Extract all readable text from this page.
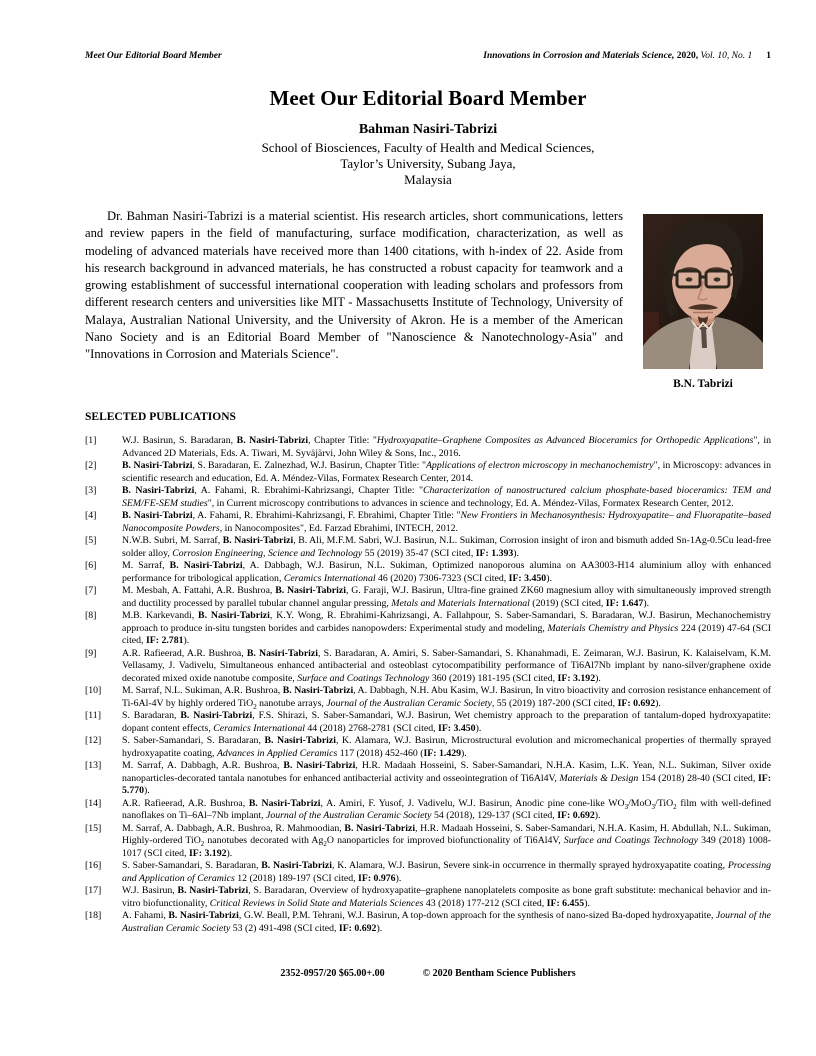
Meet Our Editorial Board Member	Innovations in Corrosion and Materials Science, 2020, Vol. 10, No. 1 1
Meet Our Editorial Board Member
Bahman Nasiri-Tabrizi
School of Biosciences, Faculty of Health and Medical Sciences,
Taylor’s University, Subang Jaya,
Malaysia
B.N. Tabrizi
Dr. Bahman Nasiri-Tabrizi is a material scientist. His research articles, short communications, letters and review papers in the field of manufacturing, surface modification, characterization, as well as modeling of advanced materials have received more than 1400 citations, with h-index of 22. Aside from his research background in advanced materials, he has constructed a robust capacity for teamwork and a growing establishment of successful international cooperation with leading scholars and professors from different research centers and universities like MIT - Massachusetts Institute of Technology, University of Malaya, Australian National University, and the University of Akron. He is a member of the American Nano Society and is an Editorial Board Member of "Nanoscience & Nanotechnology-Asia" and "Innovations in Corrosion and Materials Science".
SELECTED PUBLICATIONS
[1]	W.J. Basirun, S. Baradaran, B. Nasiri-Tabrizi, Chapter Title: "Hydroxyapatite–Graphene Composites as Advanced Bioceramics for Orthopedic Applications", in Advanced 2D Materials, Eds. A. Tiwari, M. Syväjärvi, John Wiley & Sons, Inc., 2016.
[2]	B. Nasiri-Tabrizi, S. Baradaran, E. Zalnezhad, W.J. Basirun, Chapter Title: "Applications of electron microscopy in mechanochemistry", in Microscopy: advances in scientific research and education, Ed. A. Méndez-Vilas, Formatex Research Center, 2014.
[3]	B. Nasiri-Tabrizi, A. Fahami, R. Ebrahimi-Kahrizsangi, Chapter Title: "Characterization of nanostructured calcium phosphate-based bioceramics: TEM and SEM/FE-SEM studies", in Current microscopy contributions to advances in science and technology, Ed. A. Méndez-Vilas, Formatex Research Center, 2012.
[4]	B. Nasiri-Tabrizi, A. Fahami, R. Ebrahimi-Kahrizsangi, F. Ebrahimi, Chapter Title: "New Frontiers in Mechanosynthesis: Hydroxyapatite– and Fluorapatite–based Nanocomposite Powders, in Nanocomposites", Ed. Farzad Ebrahimi, INTECH, 2012.
[5]	N.W.B. Subri, M. Sarraf, B. Nasiri-Tabrizi, B. Ali, M.F.M. Sabri, W.J. Basirun, N.L. Sukiman, Corrosion insight of iron and bismuth added Sn-1Ag-0.5Cu lead-free solder alloy, Corrosion Engineering, Science and Technology 55 (2019) 35-47 (SCI cited, IF: 1.393).
[6]	M. Sarraf, B. Nasiri-Tabrizi, A. Dabbagh, W.J. Basirun, N.L. Sukiman, Optimized nanoporous alumina on AA3003-H14 aluminium alloy with enhanced performance for tribological application, Ceramics International 46 (2020) 7306-7323 (SCI cited, IF: 3.450).
[7]	M. Mesbah, A. Fattahi, A.R. Bushroa, B. Nasiri-Tabrizi, G. Faraji, W.J. Basirun, Ultra-fine grained ZK60 magnesium alloy with simultaneously improved strength and ductility processed by parallel tubular channel angular pressing, Metals and Materials International (2019) (SCI cited, IF: 1.647).
[8]	M.B. Karkevandi, B. Nasiri-Tabrizi, K.Y. Wong, R. Ebrahimi-Kahrizsangi, A. Fallahpour, S. Saber-Samandari, S. Baradaran, W.J. Basirun, Mechanochemistry approach to produce in-situ tungsten borides and carbides nanopowders: Experimental study and modeling, Materials Chemistry and Physics 224 (2019) 47-64 (SCI cited, IF: 2.781).
[9]	A.R. Rafieerad, A.R. Bushroa, B. Nasiri-Tabrizi, S. Baradaran, A. Amiri, S. Saber-Samandari, S. Khanahmadi, E. Zeimaran, W.J. Basirun, K. Kalaiselvam, K.M. Vellasamy, J. Vadivelu, Simultaneous enhanced antibacterial and osteoblast cytocompatibility performance of Ti6Al7Nb implant by nano-silver/graphene oxide decorated mixed oxide nanotube composite, Surface and Coatings Technology 360 (2019) 181-195 (SCI cited, IF: 3.192).
[10]	M. Sarraf, N.L. Sukiman, A.R. Bushroa, B. Nasiri-Tabrizi, A. Dabbagh, N.H. Abu Kasim, W.J. Basirun, In vitro bioactivity and corrosion resistance enhancement of Ti-6Al-4V by highly ordered TiO$_2$ nanotube arrays, Journal of the Australian Ceramic Society, 55 (2019) 187-200 (SCI cited, IF: 0.692).
[11]	S. Baradaran, B. Nasiri-Tabrizi, F.S. Shirazi, S. Saber-Samandari, W.J. Basirun, Wet chemistry approach to the preparation of tantalum-doped hydroxyapatite: dopant content effects, Ceramics International 44 (2018) 2768-2781 (SCI cited, IF: 3.450).
[12]	S. Saber-Samandari, S. Baradaran, B. Nasiri-Tabrizi, K. Alamara, W.J. Basirun, Microstructural evolution and micromechanical properties of thermally sprayed hydroxyapatite coating, Advances in Applied Ceramics 117 (2018) 452-460 (IF: 1.429).
[13]	M. Sarraf, A. Dabbagh, A.R. Bushroa, B. Nasiri-Tabrizi, H.R. Madaah Hosseini, S. Saber-Samandari, N.H.A. Kasim, L.K. Yean, N.L. Sukiman, Silver oxide nanoparticles-decorated tantala nanotubes for enhanced antibacterial activity and osseointegration of Ti6Al4V, Materials & Design 154 (2018) 28-40 (SCI cited, IF: 5.770).
[14]	A.R. Rafieerad, A.R. Bushroa, B. Nasiri-Tabrizi, A. Amiri, F. Yusof, J. Vadivelu, W.J. Basirun, Anodic pine cone-like $WO_3/MoO_3/TiO_2$ film with well-defined nanoflakes on Ti–6Al–7Nb implant, Journal of the Australian Ceramic Society 54 (2018), 129-137 (SCI cited, IF: 0.692).
[15]	M. Sarraf, A. Dabbagh, A.R. Bushroa, R. Mahmoodian, B. Nasiri-Tabrizi, H.R. Madaah Hosseini, S. Saber-Samandari, N.H.A. Kasim, H. Abdullah, N.L. Sukiman, Highly-ordered TiO$_2$ nanotubes decorated with $Ag_2O$ nanoparticles for improved biofunctionality of Ti6Al4V, Surface and Coatings Technology 349 (2018) 1008-1017 (SCI cited, IF: 3.192).
[16]	S. Saber-Samandari, S. Baradaran, B. Nasiri-Tabrizi, K. Alamara, W.J. Basirun, Severe sink-in occurrence in thermally sprayed hydroxyapatite coating, Processing and Application of Ceramics 12 (2018) 189-197 (SCI cited, IF: 0.976).
[17]	W.J. Basirun, B. Nasiri-Tabrizi, S. Baradaran, Overview of hydroxyapatite–graphene nanoplatelets composite as bone graft substitute: mechanical behavior and in-vitro biofunctionality, Critical Reviews in Solid State and Materials Sciences 43 (2018) 177-212 (SCI cited, IF: 6.455).
[18]	A. Fahami, B. Nasiri-Tabrizi, G.W. Beall, P.M. Tehrani, W.J. Basirun, A top-down approach for the synthesis of nano-sized Ba-doped hydroxyapatite, Journal of the Australian Ceramic Society 53 (2) 491-498 (SCI cited, IF: 0.692).
2352-0957/20 $65.00+.00	© 2020 Bentham Science Publishers
